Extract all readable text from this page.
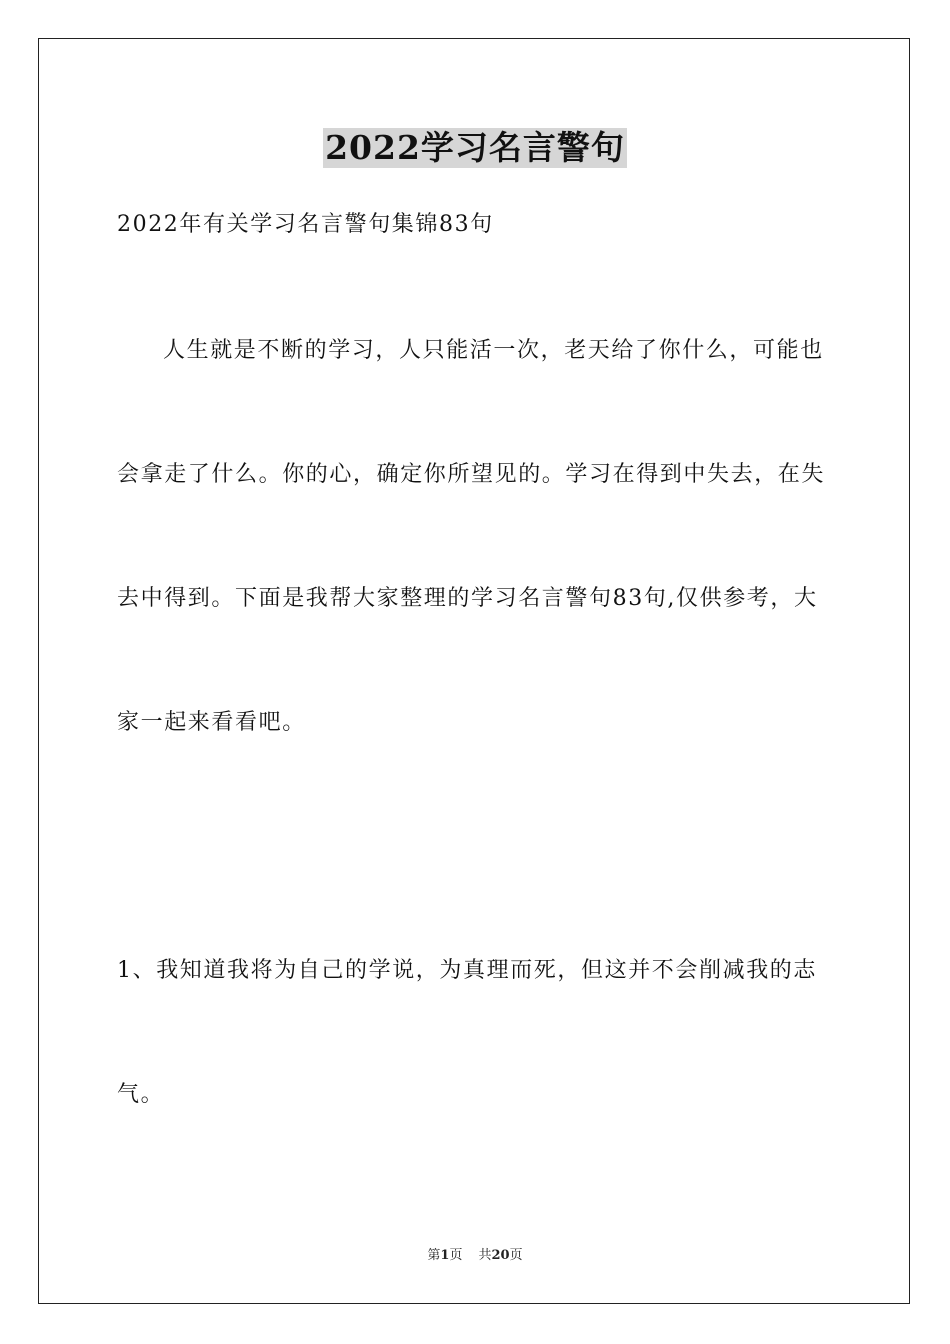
2022学习名言警句
2022年有关学习名言警句集锦83句
人生就是不断的学习，人只能活一次，老天给了你什么，可能也
会拿走了什么。你的心，确定你所望见的。学习在得到中失去，在失
去中得到。下面是我帮大家整理的学习名言警句83句,仅供参考，大
家一起来看看吧。
1、我知道我将为自己的学说，为真理而死，但这并不会削减我的志
气。
第1页 共20页
